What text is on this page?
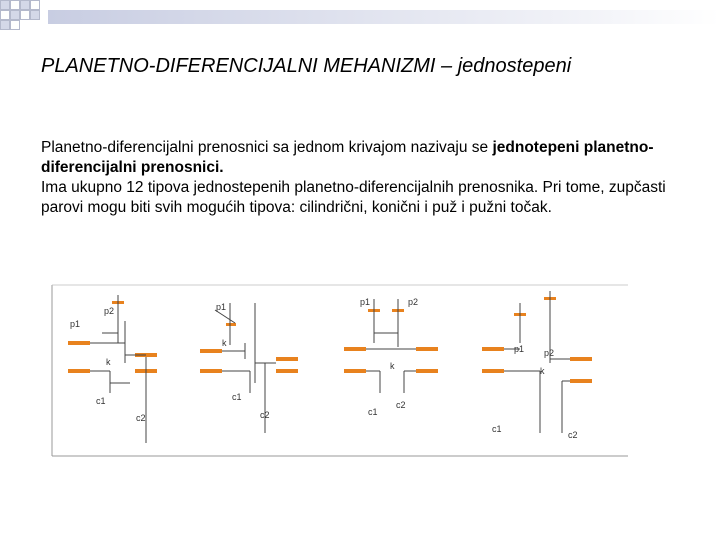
PLANETNO-DIFERENCIJALNI MEHANIZMI – jednostepeni

Planetno-diferencijalni prenosnici sa jednom krivajom nazivaju se jednotepeni planetno-diferencijalni prenosnici.

Ima ukupno 12 tipova jednostepenih planetno-diferencijalnih prenosnika. Pri tome, zupčasti parovi mogu biti svih mogućih tipova: cilindrični, konični i puž i pužni točak.

p2
p1
k
c1
c2
p1
k
c1
c2
p1	p2
k
c1
c2
p1 p2
k
c1
c2
